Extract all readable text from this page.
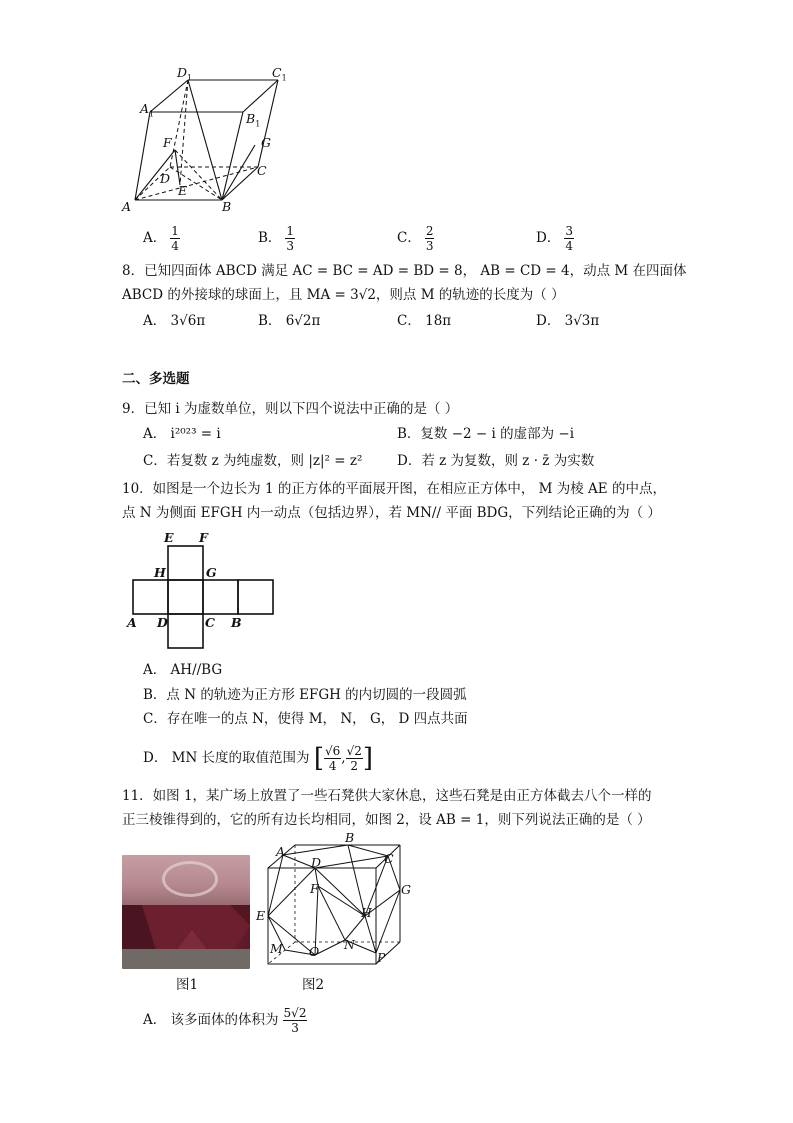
$D_1$	$C_1$
$A_1$	$B_1$
G
F
C
D
E
A	B
A． $\frac{1}{4}$	B． $\frac{1}{3}$	C． $\frac{2}{3}$	D． $\frac{3}{4}$
8．已知四面体 ABCD 满足 AC = BC = AD = BD = 8， AB = CD = 4，动点 M 在四面体
ABCD 的外接球的球面上，且 MA = 3√2，则点 M 的轨迹的长度为（ ）
A． 3√6π	B． 6√2π	C． 18π	D． 3√3π
二、多选题
9．已知 i 为虚数单位，则以下四个说法中正确的是（ ）
A． i²⁰²³ = i	B．复数 −2 − i 的虚部为 −i
C．若复数 z 为纯虚数，则 |z|² = z²	D．若 z 为复数，则 z · z̄ 为实数
10．如图是一个边长为 1 的正方体的平面展开图，在相应正方体中， M 为棱 AE 的中点，
点 N 为侧面 EFGH 内一动点（包括边界），若 MN// 平面 BDG，下列结论正确的为（ ）
E F
H	G
A D	C B
A． AH//BG
B．点 N 的轨迹为正方形 EFGH 的内切圆的一段圆弧
C．存在唯一的点 N，使得 M， N， G， D 四点共面
D． MN 长度的取值范围为 [ $\frac{√6}{4}$ , $\frac{√2}{2}$ ]
11．如图 1，某广场上放置了一些石凳供大家休息，这些石凳是由正方体截去八个一样的
正三棱锥得到的，它的所有边长均相同，如图 2，设 AB = 1，则下列说法正确的是（ ）
A
B
C
D
F	G
E	H
M O N
P
图1	图2
A． 该多面体的体积为 $\frac{5√2}{3}$
